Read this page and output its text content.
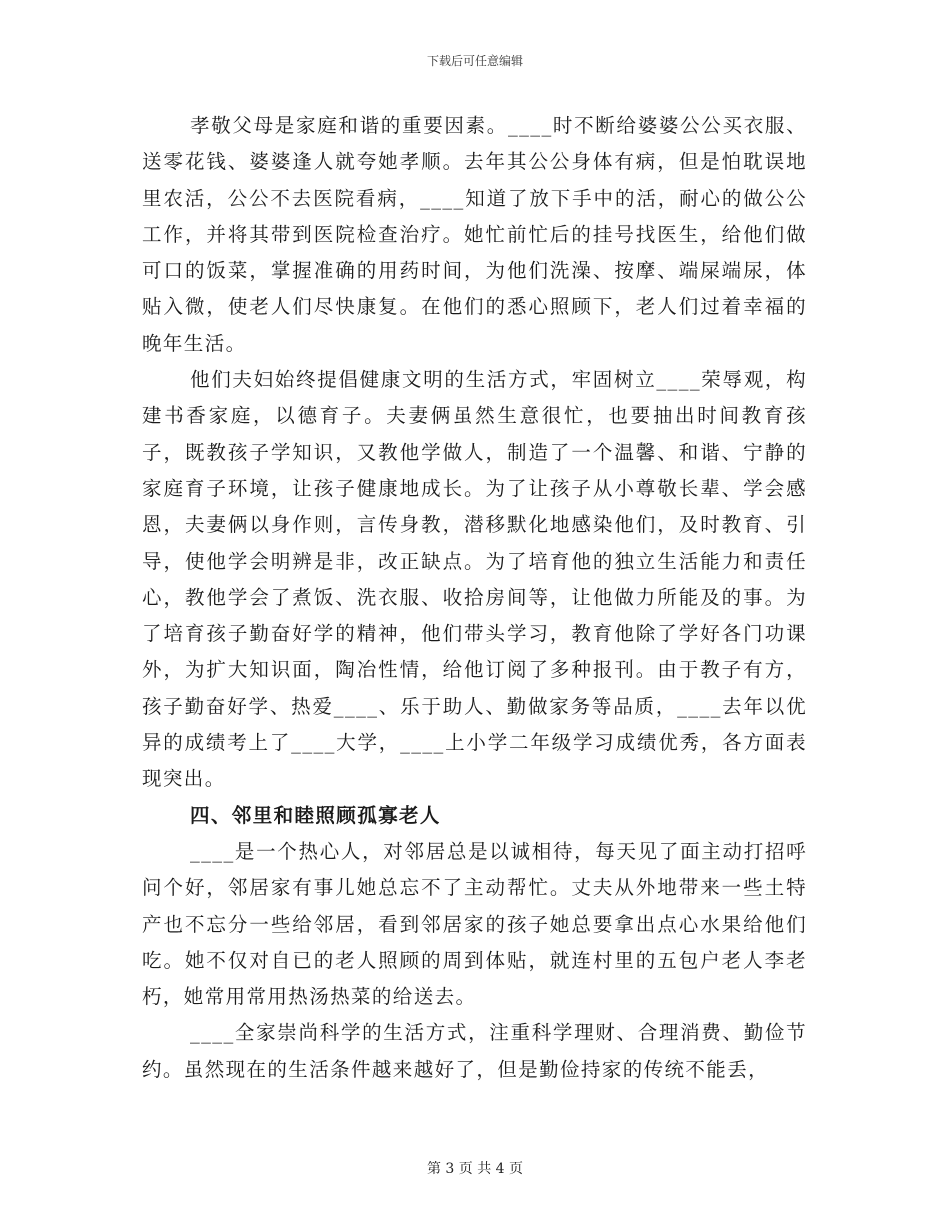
下载后可任意编辑

孝敬父母是家庭和谐的重要因素。____时不断给婆婆公公买衣服、送零花钱、婆婆逢人就夸她孝顺。去年其公公身体有病，但是怕耽误地里农活，公公不去医院看病，____知道了放下手中的活，耐心的做公公工作，并将其带到医院检查治疗。她忙前忙后的挂号找医生，给他们做可口的饭菜，掌握准确的用药时间，为他们洗澡、按摩、端屎端尿，体贴入微，使老人们尽快康复。在他们的悉心照顾下，老人们过着幸福的晚年生活。

他们夫妇始终提倡健康文明的生活方式，牢固树立____荣辱观，构建书香家庭，以德育子。夫妻俩虽然生意很忙，也要抽出时间教育孩子，既教孩子学知识，又教他学做人，制造了一个温馨、和谐、宁静的家庭育子环境，让孩子健康地成长。为了让孩子从小尊敬长辈、学会感恩，夫妻俩以身作则，言传身教，潜移默化地感染他们，及时教育、引导，使他学会明辨是非，改正缺点。为了培育他的独立生活能力和责任心，教他学会了煮饭、洗衣服、收拾房间等，让他做力所能及的事。为了培育孩子勤奋好学的精神，他们带头学习，教育他除了学好各门功课外，为扩大知识面，陶冶性情，给他订阅了多种报刊。由于教子有方，孩子勤奋好学、热爱____、乐于助人、勤做家务等品质，____去年以优异的成绩考上了____大学，____上小学二年级学习成绩优秀，各方面表现突出。

四、邻里和睦照顾孤寡老人

____是一个热心人，对邻居总是以诚相待，每天见了面主动打招呼问个好，邻居家有事儿她总忘不了主动帮忙。丈夫从外地带来一些土特产也不忘分一些给邻居，看到邻居家的孩子她总要拿出点心水果给他们吃。她不仅对自已的老人照顾的周到体贴，就连村里的五包户老人李老朽，她常用常用热汤热菜的给送去。

____全家崇尚科学的生活方式，注重科学理财、合理消费、勤俭节约。虽然现在的生活条件越来越好了，但是勤俭持家的传统不能丢，

第 3 页 共 4 页
